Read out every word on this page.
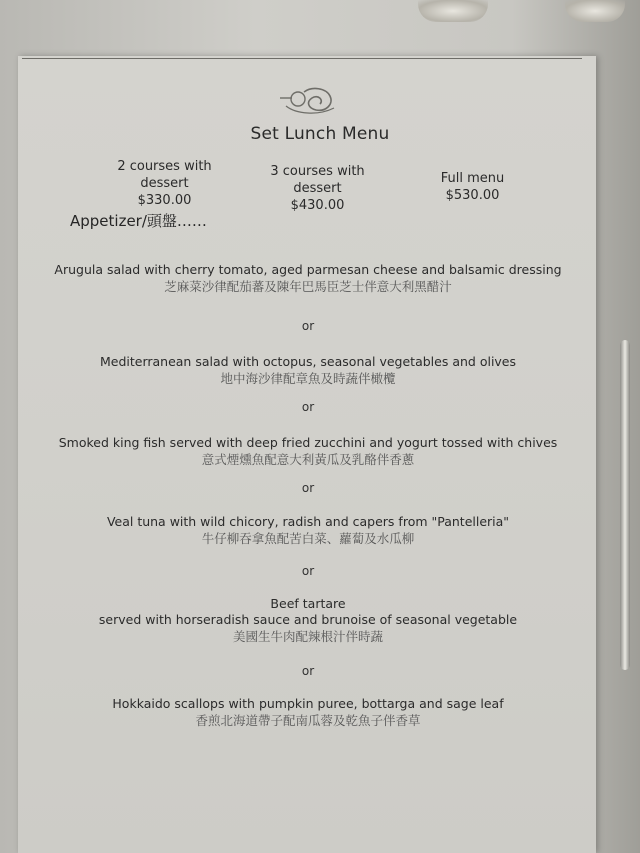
Set Lunch Menu
2 courses with dessert
$330.00
3 courses with dessert
$430.00
Full menu
$530.00
Appetizer/頭盤……
Arugula salad with cherry tomato, aged parmesan cheese and balsamic dressing
芝麻菜沙律配茄蕃及陳年巴馬臣芝士伴意大利黑醋汁
or
Mediterranean salad with octopus, seasonal vegetables and olives
地中海沙律配章魚及時蔬伴橄欖
or
Smoked king fish served with deep fried zucchini and yogurt tossed with chives
意式煙燻魚配意大利黃瓜及乳酪伴香蔥
or
Veal tuna with wild chicory, radish and capers from "Pantelleria"
牛仔柳吞拿魚配苦白菜、蘿蔔及水瓜柳
or
Beef tartare
served with horseradish sauce and brunoise of seasonal vegetable
美國生牛肉配辣根汁伴時蔬
or
Hokkaido scallops with pumpkin puree, bottarga and sage leaf
香煎北海道帶子配南瓜蓉及乾魚子伴香草
